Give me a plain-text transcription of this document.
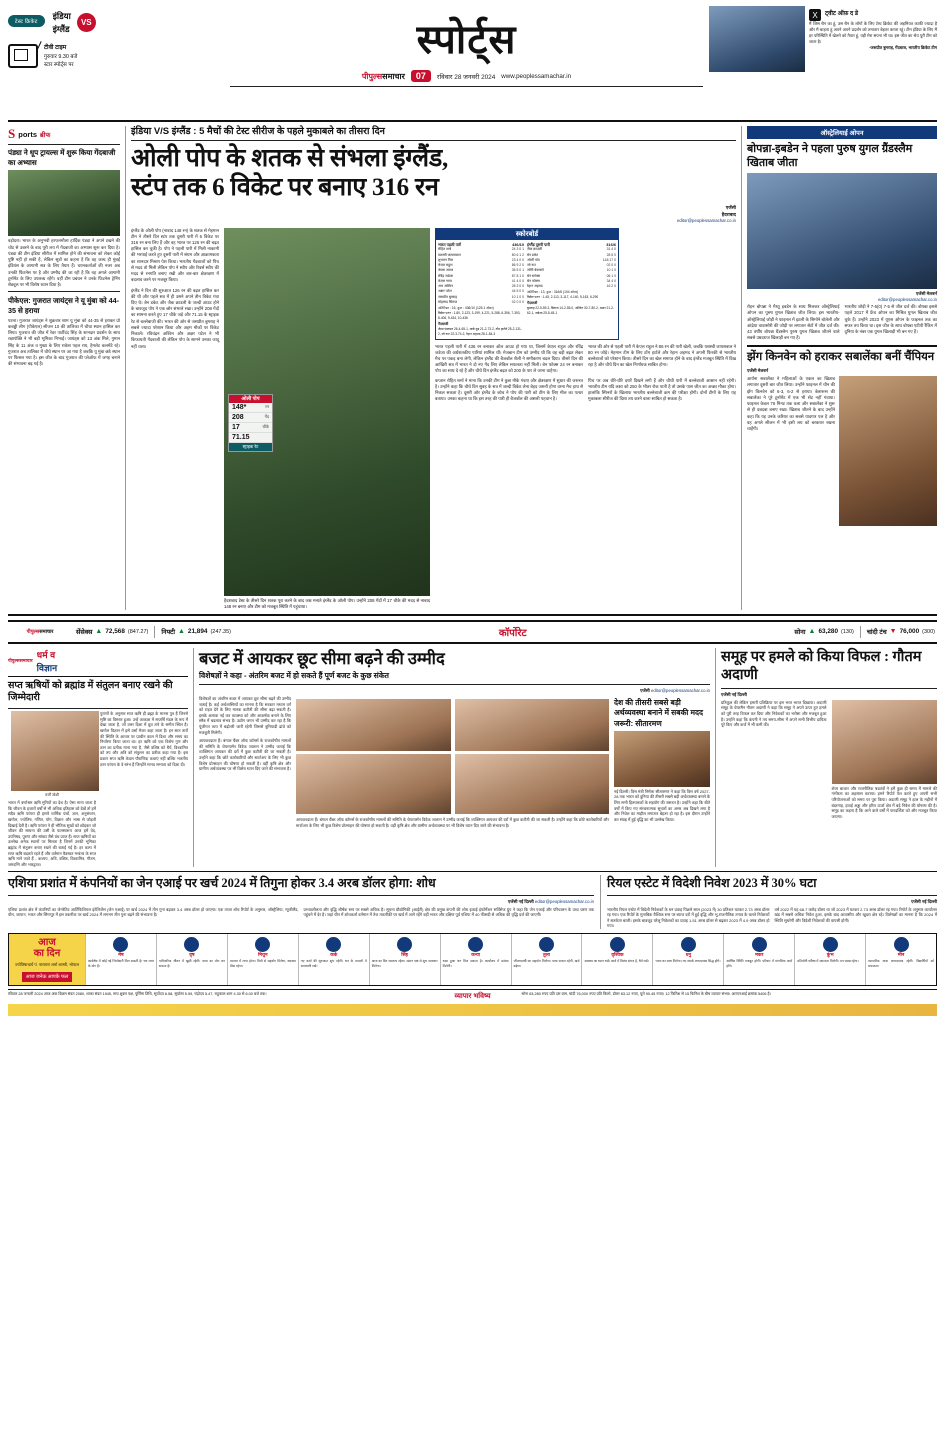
टेस्ट क्रिकेट
इंडिया
इंग्लैंड
VS
टीवी टाइम
गुरुवार 9.30 बजे
स्टार स्पोर्ट्स पर
स्पोर्ट्स
पीपुल्ससमाचार	07	रविवार 28 जनवरी 2024 www.peoplessamachar.in
X	ट्वीट ऑफ़ द डे
मैं जिस चैन का हूं, उस चैन के लोगों के लिए टेस्ट क्रिकेट की अहमियत काफी ज्यादा है और मैं चाहता हूं अपने अपने प्रदर्शन को लगातार बेहतर करता रहूं। टीम इंडिया के लिए मैं हर परिस्थिति में खेलने को तैयार हूं, यही मेरा सपना भी था। इस जीत का श्रेय पूरी टीम को जाता है।
-जसप्रीत बुमराह, गेंदबाज, भारतीय क्रिकेट टीम
S ports ब्रीफ
पंड्या ने धूप ट्रायल्स में शुरू किया गेंदबाजी का अभ्यास
वड़ोदरा। भारत के अनुभवी हरफनमौला हार्दिक पंड्या ने अपने टखने की चोट से उबरने के बाद पूरी लय में गेंदबाजी का अभ्यास शुरू कर दिया है। पंड्या की टीम इंडिया सीरीज में शामिल होने की संभावना को लेकर कोई पुष्टि नहीं हो सकी है, लेकिन सूत्रों का कहना है कि वह जल्द ही मुंबई इंडियंस के आगामी सत्र के लिए तैयार हैं। चयनकर्ताओं की नजर अब उनकी फिटनेस पर है और उम्मीद की जा रही है कि वह अगले आगामी टूर्नामेंट के लिए उपलब्ध रहेंगे। वहीं टीम प्रबंधन ने उनके फिटनेस ट्रेनिंग शेड्यूल पर भी विशेष ध्यान दिया है।
पीकेएल: गुजरात जायंट्स ने यू मुंबा को 44-35 से हराया
पटना। गुजरात जायंट्स ने शुक्रवार शाम यू मुंबा को 44-35 से हराकर प्रो कबड्डी लीग (पीकेएल) सीजन 10 की तालिका में चौथा स्थान हासिल कर लिया। गुजरात की जीत में रेडर पार्टीदंद सिंह के शानदार प्रदर्शन के साथ रक्षापंक्ति ने भी बड़ी भूमिका निभाई। जायंट्स को 13 अंक मिले, गुमान सिंह के 11 अंक व मुख्य के लिए राकेश पहल राय, हैमलेट कलमेंटे रहे। गुजरात अब तालिका में चौथे स्थान पर आ गया है जबकि यू मुंबा छठे स्थान पर फिसल गया है। इस जीत के बाद गुजरात की प्लेऑफ में जगह बनाने की संभावना बढ़ गई है।
इंडिया V/S इंग्लैंड : 5 मैचों की टेस्ट सीरीज के पहले मुकाबले का तीसरा दिन
ओली पोप के शतक से संभला इंग्लैंड,
स्टंप तक 6 विकेट पर बनाए 316 रन
एजेंसी
हैदराबाद
editor@peoplessamachar.co.in
इंग्लैंड के ओली पोप (नाबाद 148 रन) के शतक से मेहमान टीम ने तीसरे दिन स्टंप तक दूसरी पारी में 6 विकेट पर 316 रन बना लिए हैं और वह भारत पर 126 रन की बढ़त हासिल कर चुकी है। पोप ने पहली पारी में मिली नाकामी की भरपाई करते हुए दूसरी पारी में संयम और आक्रामकता का शानदार मिश्रण पेश किया। भारतीय गेंदबाजों को पिच से मदद तो मिली लेकिन पोप ने स्वीप और रिवर्स स्वीप की मदद से रनगति बनाए रखी और बार-बार क्षेत्ररक्षण में बदलाव करने पर मजबूर किया।
इंग्लैंड ने दिन की शुरुआत 126 रन की बढ़त हासिल कर की थी और पहले सत्र में ही उसने अपने तीन विकेट गंवा दिए थे। बेन डकेट और जैक क्राउली के जल्दी आउट होने के बावजूद पोप ने एक छोर संभाले रखा। उन्होंने 208 गेंदों का सामना करते हुए 17 चौके जड़े और 71.15 के स्ट्राइक रेट से बल्लेबाजी की। भारत की ओर से जसप्रीत बुमराह ने सबसे ज्यादा परेशान किया और अहम मौकों पर विकेट निकाले। रविचंद्रन अश्विन और अक्षर पटेल ने भी किफायती गेंदबाजी की लेकिन पोप के सामने उनका जादू नहीं चला।
ओली पोप
148*	रन
208	गेंद
17	चौके
71.15
स्ट्राइक रेट
हैदराबाद टेस्ट के तीसरे दिन शतक पूरा करने के बाद जश्न मनाते इंग्लैंड के ओली पोप। उन्होंने 208 गेंदों में 17 चौके की मदद से नाबाद 148 रन बनाए और टीम को मजबूत स्थिति में पहुंचाया।
स्कोरबोर्ड
भारत पहली पारी	436/10
रोहित शर्मा	24 3 0 1
यशस्वी जायसवाल	80 6 1 2
शुभमन गिल	23 4 0 0
केएल राहुल	86 9 2 0
श्रेयस अय्यर	35 5 0 1
रविंद्र जडेजा	87 8 1 0
केएस भरत	41 4 0 0
आर अश्विन	28 3 0 0
अक्षर पटेल	44 5 0 0
जसप्रीत बुमराह	10 1 0 0
मोहम्मद सिराज	02 0 0 0
अतिरिक्त : 16, कुल : 436/10 (125.1 ओवर)
विकेट पतन : 1-80, 2-123, 3-199, 4-221, 5-288, 6-356, 7-393, 8-406, 9-434, 10-436
गेंदबाजी
जेम्स एंडरसन 26-4-65-1, मार्क वुड 21-2-73-2, टॉम हार्टले 25-2-131-2, जो रूट 22-3-74-2, रेहान अहमद 28-1-84-3
इंग्लैंड दूसरी पारी	316/6
जैक क्राउली	31 4 0
बेन डकेट	28 5 0
ओली पोप	148 17 0
जो रूट	02 0 0
जॉनी बेयरस्टो	10 1 0
बेन स्टोक्स	06 1 0
बेन फोक्स	34 4 0
रेहान अहमद	16 2 0
अतिरिक्त : 13, कुल : 316/6 (104 ओवर)
विकेट पतन : 1-45, 2-113, 3-117, 4-140, 5-163, 6-290
गेंदबाजी
बुमराह 22-5-59-2, सिराज 14-2-55-0, अश्विन 30-7-80-2, अक्षर 21-2-62-1, जडेजा 25-5-45-1
भारत पहली पारी में 436 रन बनाकर ऑल आउट हो गया था, जिसमें केएल राहुल और रविंद्र जडेजा की अर्धशतकीय पारियां शामिल थीं। मेजबान टीम को उम्मीद थी कि वह बड़ी बढ़त लेकर मैच पर पकड़ बना लेगी, लेकिन इंग्लैंड की बैजबॉल शैली ने समीकरण बदल दिया। तीसरे दिन की आखिरी सत्र में भारत ने दो नए गेंद लिए लेकिन सफलता नहीं मिली। बेन फोक्स 24 रन बनाकर पोप का साथ दे रहे हैं और चौथे दिन इंग्लैंड बढ़त को 200 के पार ले जाना चाहेगा।
भारत की ओर से पहली पारी में केएल राहुल ने 86 रन की पारी खेली, जबकि यशस्वी जायसवाल ने 80 रन जोड़े। मेहमान टीम के लिए टॉम हार्टले और रेहान अहमद ने अपनी फिरकी से भारतीय बल्लेबाजों को परेशान किया। तीसरे दिन का खेल समाप्त होने के बाद इंग्लैंड मजबूत स्थिति में दिख रहा है और चौथे दिन का खेल निर्णायक साबित होगा।
कप्तान रोहित शर्मा ने माना कि उनकी टीम ने कुछ मौके गंवाए और क्षेत्ररक्षण में सुधार की जरूरत है। उन्होंने कहा कि चौथे दिन सुबह के सत्र में जल्दी विकेट लेना बेहद जरूरी होगा वरना मैच हाथ से निकल सकता है। दूसरी ओर इंग्लैंड के कोच ने पोप की पारी को टीम के लिए मील का पत्थर बताया। उनका कहना था कि इस तरह की पारी ही बैजबॉल की असली पहचान है।
पिच पर अब धीरे-धीरे दरारें दिखने लगी हैं और चौथी पारी में बल्लेबाजी आसान नहीं रहेगी। भारतीय टीम यदि लक्ष्य को 250 के भीतर रोक पाती है तो उसके पास जीत का अच्छा मौका होगा। हालांकि स्पिनरों के खिलाफ भारतीय बल्लेबाजी क्रम की परीक्षा होगी। दोनों टीमों के लिए यह मुकाबला सीरीज की दिशा तय करने वाला साबित हो सकता है।
ऑस्ट्रेलियाई ओपन
बोपन्ना-इबडेन ने पहला पुरुष युगल ग्रैंडस्लैम खिताब जीता
एजेंसी मेलबर्न
editor@peoplessamachar.co.in
रोहन बोपन्ना ने मैथ्यू इबडेन के साथ मिलकर ऑस्ट्रेलियाई ओपन का पुरुष युगल खिताब जीत लिया। इस भारतीय-ऑस्ट्रेलियाई जोड़ी ने फाइनल में इटली के सिमोने बोलेली और आंद्रेया वावासोरी की जोड़ी पर लगातार सेटों में जीत दर्ज की। 43 वर्षीय बोपन्ना ग्रैंडस्लैम पुरुष युगल खिताब जीतने वाले सबसे उम्रदराज खिलाड़ी बन गए हैं।
भारतीय जोड़ी ने 7-6(0) 7-5 से जीत दर्ज की। बोपन्ना इससे पहले 2017 में फ्रेंच ओपन का मिश्रित युगल खिताब जीत चुके हैं। उन्होंने 2023 में यूएस ओपन के फाइनल तक का सफर तय किया था। इस जीत के साथ बोपन्ना एटीपी रैंकिंग में दुनिया के नंबर एक युगल खिलाड़ी भी बन गए हैं।
झेंग किनवेन को हराकर सबालेंका बनीं चैंपियन
एजेंसी मेलबर्न
आर्यना सबालेंका ने महिलाओं के एकल का खिताब लगातार दूसरी बार जीत लिया। उन्होंने फाइनल में चीन की झेंग किनवेन को 6-3, 6-2 से हराया। बेलारूस की सबालेंका ने पूरे टूर्नामेंट में एक भी सेट नहीं गंवाया। फाइनल केवल 76 मिनट तक चला और सबालेंका ने शुरू से ही दबदबा बनाए रखा। खिताब जीतने के बाद उन्होंने कहा कि यह उनके करियर का सबसे यादगार पल है और वह अगले सीजन में भी इसी लय को बरकरार रखना चाहेंगी।
पीपुल्ससमाचार	सेंसेक्स ▲ 72,568 (847.27) निफ्टी ▲ 21,894 (247.35)	कॉर्पोरेट	सोना ▲ 63,280 (130) चांदी टंच ▼ 76,000 (300)
पीपुल्ससमाचार
धर्म व
विज्ञान
सप्त ऋषियों को ब्रह्मांड में संतुलन बनाए रखने की जिम्मेदारी
मर्जी जोशी
भारत में वर्णाश्रम ऋषि मुनियों का देश है। ऐसा माना जाता है कि जीवन के हजारों वर्षों से भी अधिक इतिहास को देखें तो हमें सदैव ऋषि परंपरा ही हमारे धार्मिक ग्रंथों, ज्ञान, अनुसंधान, खगोल, ज्योतिष, गणित, योग, विज्ञान और भाषा से जोड़ती दिखाई देती है। ऋषि परंपरा ने ही भौतिक सुखों को छोड़कर जो जीवन की साधना की उसी के फलस्वरूप आज हमें वेद, उपनिषद, पुराण और सांख्य जैसे ग्रंथ प्राप्त हैं। सप्त ऋषियों का उल्लेख अनेक स्थानों पर मिलता है जिनमें उनकी भूमिका ब्रह्मांड में संतुलन बनाए रखने की बताई गई है। हर कल्प में सप्त ऋषि बदलते रहते हैं और वर्तमान वैवस्वत मन्वंतर के सप्त ऋषि माने जाते हैं - कश्यप, अत्रि, वशिष्ठ, विश्वामित्र, गौतम, जमदग्नि और भारद्वाज।
पुराणों के अनुसार सप्त ऋषि ही ब्रह्मा के मानस पुत्र हैं जिनसे सृष्टि का विस्तार हुआ। उन्हें आकाश में सप्तर्षि मंडल के रूप में देखा जाता है, जो उत्तर दिशा में ध्रुव तारे के समीप स्थित है। खगोल विज्ञान में इसे उर्सा मेजर कहा जाता है। इन सात तारों की स्थिति के आधार पर प्राचीन काल में दिशा और समय का निर्धारण किया जाता था। हर ऋषि को एक विशेष गुण और ज्ञान का प्रतीक माना गया है, जैसे वशिष्ठ को धैर्य, विश्वामित्र को तप और अत्रि को संतुलन का प्रतीक कहा गया है। इस प्रकार सप्त ऋषि केवल पौराणिक कथाएं नहीं बल्कि भारतीय ज्ञान परंपरा के वे स्तंभ हैं जिन्होंने मानव सभ्यता को दिशा दी।
बजट में आयकर छूट सीमा बढ़ने की उम्मीद
विशेषज्ञों ने कहा - अंतरिम बजट में हो सकते हैं पूर्ण बजट के कुछ संकेत
एजेंसी editor@peoplessamachar.co.in
विशेषज्ञों का अंतरिम बजट में आयकर छूट सीमा बढ़ने की उम्मीद जताई है। कई अर्थशास्त्रियों का मानना है कि सरकार मध्यम वर्ग को राहत देने के लिए मानक कटौती की सीमा बढ़ा सकती है। इसके अलावा नई कर व्यवस्था को और आकर्षक बनाने के लिए स्लैब में बदलाव संभव है। उद्योग जगत भी उम्मीद कर रहा है कि पूंजीगत व्यय में बढ़ोतरी जारी रहेगी जिससे बुनियादी ढांचे को मजबूती मिलेगी।
आयकरदाता हैं। बंगाल चैंबर ऑफ कॉमर्स के राजकोषीय मामलों की समिति के चेयरपर्सन विवेक जालान ने उम्मीद जताई कि व्यक्तिगत आयकर की दरों में कुछ कटौती की जा सकती है। उन्होंने कहा कि छोटे कारोबारियों और स्टार्टअप के लिए भी कुछ विशेष प्रोत्साहन की घोषणा हो सकती है। वहीं कृषि क्षेत्र और ग्रामीण अर्थव्यवस्था पर भी विशेष ध्यान दिए जाने की संभावना है।
आयकरदाता हैं। बंगाल चैंबर ऑफ कॉमर्स के राजकोषीय मामलों की समिति के चेयरपर्सन विवेक जालान ने उम्मीद जताई कि व्यक्तिगत आयकर की दरों में कुछ कटौती की जा सकती है। उन्होंने कहा कि छोटे कारोबारियों और स्टार्टअप के लिए भी कुछ विशेष प्रोत्साहन की घोषणा हो सकती है। वहीं कृषि क्षेत्र और ग्रामीण अर्थव्यवस्था पर भी विशेष ध्यान दिए जाने की संभावना है।
देश की तीसरी सबसे बड़ी अर्थव्यवस्था बनाने में सबकी मदद जरूरी: सीतारमण
नई दिल्ली। वित्त मंत्री निर्मला सीतारमण ने कहा कि वित्त वर्ष 2027-28 तक भारत को दुनिया की तीसरी सबसे बड़ी अर्थव्यवस्था बनाने के लिए सभी हितधारकों के सहयोग की जरूरत है। उन्होंने कहा कि बीते वर्षों में किए गए संरचनात्मक सुधारों का असर अब दिखने लगा है और निवेश का माहौल लगातार बेहतर हो रहा है। इस दौरान उन्होंने कर संग्रह में हुई वृद्धि का भी उल्लेख किया।
समूह पर हमले को किया विफल : गौतम अदाणी
एजेंसी नई दिल्ली
प्रतिकूल की लेकिन हमारी प्रतिक्रिया पर इस भरत भारत दिखाया। अदाणी समूह के चेयरमैन गौतम अदाणी ने कहा कि समूह ने अपने ऊपर हुए हमले को पूरी तरह विफल कर दिया और निवेशकों का भरोसा और मजबूत हुआ है। उन्होंने कहा कि कंपनी ने तय समय-सीमा में अपने सभी वित्तीय दायित्व पूरे किए और कर्ज में भी कमी की।
शेयर बाजार और राजनीतिक षड्यंत्रों ने हमें कुछ ही समय में मामले की गंभीरता का अहसास कराया। हमने रिपोर्ट पेश करते हुए अपनी सभी परियोजनाओं को समय पर पूरा किया। अदाणी समूह ने हाल के महीनों में बंदरगाह, हवाई अड्डा और हरित ऊर्जा क्षेत्र में बड़े निवेश की घोषणा की है। समूह का कहना है कि आने वाले वर्षों में पारदर्शिता को और मजबूत किया जाएगा।
एशिया प्रशांत में कंपनियों का जेन एआई पर खर्च 2024 में तिगुना होकर 3.4 अरब डॉलर होगा: शोध
एजेंसी नई दिल्ली editor@peoplessamachar.co.in
एशिया प्रशांत क्षेत्र में कंपनियों का जेनरेटिव आर्टिफिशियल इंटेलिजेंस (जेन एआई) पर खर्च 2024 में तीन गुना बढ़कर 3.4 अरब डॉलर हो जाएगा। एक ताजा शोध रिपोर्ट के अनुसार, ऑस्ट्रेलिया, न्यूजीलैंड, चीन, जापान, भारत और सिंगापुर में इस तकनीक पर खर्च 2024 में लगभग तीन गुना बढ़ने की संभावना है।
प्रभावशीलता और वृद्धि शीर्षक स्तर पर सबसे अधिक है। सूचना प्रौद्योगिकी (आईटी) क्षेत्र की प्रमुख कंपनी की शोध इकाई इंफॉर्मेशन सर्विसेज ग्रुप ने कहा कि जेन एआई और परिचालन के उच्च चरण तक पहुंचने में देर है। जहां चीन में शोधकर्ता वर्तमान में तेज तकनीकी पर खर्च में आगे रहेंगे वहीं भारत और दक्षिण पूर्व एशिया में 40 फीसदी से अधिक की वृद्धि दर्ज की जाएगी।
रियल एस्टेट में विदेशी निवेश 2023 में 30% घटा
एजेंसी नई दिल्ली
भारतीय रियल एस्टेट में विदेशी निवेशकों के धन प्रवाह पिछले साल (2023 में) 30 प्रतिशत घटकर 2.73 अरब डॉलर रह गया। एक रिपोर्ट के मुताबिक वैश्विक स्तर पर ब्याज दरों में हुई वृद्धि और भू-राजनीतिक तनाव के चलते निवेशकों ने सतर्कता बरती। इसके बावजूद घरेलू निवेशकों का प्रवाह 1.51 अरब डॉलर से बढ़कर 2023 में 4.9 अरब डॉलर हो गया।
वर्ष 2022 में यह 68.7 करोड़ डॉलर था जो 2023 में घटकर 2.73 अरब डॉलर रह गया। रिपोर्ट के अनुसार कार्यालय खंड में सबसे अधिक निवेश हुआ, इसके बाद आवासीय और खुदरा क्षेत्र रहे। विशेषज्ञों का मानना है कि 2024 में स्थिति सुधरेगी और विदेशी निवेशकों की वापसी होगी।
आज
का दिन
ज्योतिषाचार्य पं. नारायण शर्मा शास्त्री, भोपाल
आज जनेऊ आपके फल
मेष
कार्यक्षेत्र में कोई नई जिम्मेदारी मिल सकती है। धन लाभ के योग हैं।
वृष
पारिवारिक जीवन में खुशी रहेगी। यात्रा का योग बन सकता है।
मिथुन
व्यापार में लाभ होगा। मित्रों से सहयोग मिलेगा, स्वास्थ्य ठीक रहेगा।
कर्क
नए कार्य की शुरुआत शुभ रहेगी। धन के मामलों में सावधानी रखें।
सिंह
आज का दिन सामान्य रहेगा। संतान पक्ष से शुभ समाचार मिलेगा।
कन्या
रुका हुआ धन मिल सकता है। कार्यालय में प्रशंसा मिलेगी।
तुला
जीवनसाथी का सहयोग मिलेगा। यात्रा सफल रहेगी, खर्च बढ़ेगा।
वृश्चिक
स्वास्थ्य का ध्यान रखें। कार्य में विलंब संभव है, धैर्य रखें।
धनु
भाग्य का साथ मिलेगा। नए संपर्क लाभदायक सिद्ध होंगे।
मकर
आर्थिक स्थिति मजबूत होगी। परिवार में मांगलिक कार्य होंगे।
कुंभ
प्रतियोगी परीक्षा में सफलता मिलेगी। मन प्रसन्न रहेगा।
मीन
व्यापारिक यात्रा लाभदायक रहेगी। विद्यार्थियों को सफलता।
रविवार 28 जनवरी 2024 आज अंक विक्रम संवत 2080, शाका संवत 1945, माघ शुक्ल पक्ष, पूर्णिमा तिथि, सूर्योदय 6.58, सूर्यास्त 5.59, चंद्रोदय 5.47, राहुकाल शाम 4.30 से 6.00 बजे तक।	व्यापार भविष्य	सोना 63,280 रुपए प्रति दस ग्राम, चांदी 76,000 रुपए प्रति किलो, डॉलर 83.12 रुपए, यूरो 90.45 रुपए। 12 फिनिश से 15 फिनिश के बीच व्यापार संभव। आरएनआई क्रमांक 5406 है।
